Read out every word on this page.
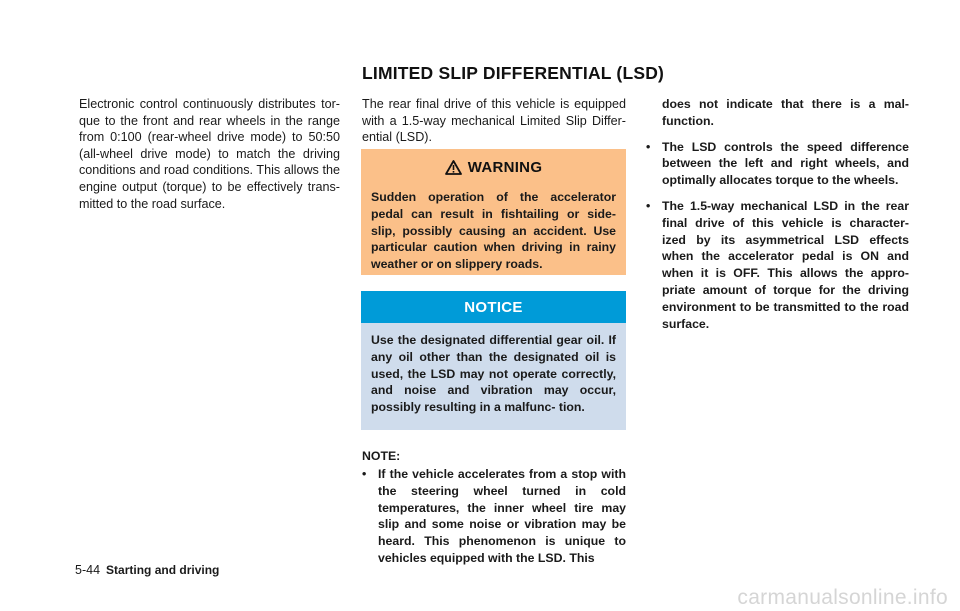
Electronic control continuously distributes tor- que to the front and rear wheels in the range from 0:100 (rear-wheel drive mode) to 50:50 (all-wheel drive mode) to match the driving conditions and road conditions. This allows the engine output (torque) to be effectively trans- mitted to the road surface.

LIMITED SLIP DIFFERENTIAL (LSD)

The rear final drive of this vehicle is equipped with a 1.5-way mechanical Limited Slip Differ- ential (LSD).

WARNING

Sudden operation of the accelerator pedal can result in fishtailing or side- slip, possibly causing an accident. Use particular caution when driving in rainy weather or on slippery roads.

NOTICE

Use the designated differential gear oil. If any oil other than the designated oil is used, the LSD may not operate correctly, and noise and vibration may occur, possibly resulting in a malfunc- tion.

NOTE:

• If the vehicle accelerates from a stop with the steering wheel turned in cold temperatures, the inner wheel tire may slip and some noise or vibration may be heard. This phenomenon is unique to vehicles equipped with the LSD. This
does not indicate that there is a mal- function.
• The LSD controls the speed difference between the left and right wheels, and optimally allocates torque to the wheels.
• The 1.5-way mechanical LSD in the rear final drive of this vehicle is character- ized by its asymmetrical LSD effects when the accelerator pedal is ON and when it is OFF. This allows the appro- priate amount of torque for the driving environment to be transmitted to the road surface.
5-44 Starting and driving
carmanualsonline.info
